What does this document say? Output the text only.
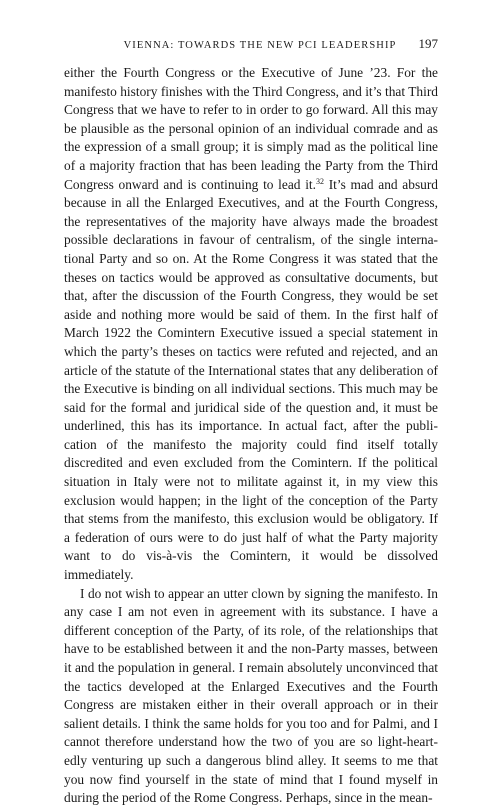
VIENNA: TOWARDS THE NEW PCI LEADERSHIP 197

either the Fourth Congress or the Executive of June ’23. For the manifesto history finishes with the Third Congress, and it’s that Third Congress that we have to refer to in order to go forward. All this may be plausible as the personal opinion of an individual comrade and as the expression of a small group; it is simply mad as the political line of a majority fraction that has been leading the Party from the Third Congress onward and is continuing to lead it.$^{32}$ It’s mad and absurd because in all the Enlarged Executives, and at the Fourth Congress, the representatives of the majority have always made the broadest possible declarations in favour of centralism, of the single international Party and so on. At the Rome Congress it was stated that the theses on tactics would be approved as consultative documents, but that, after the discussion of the Fourth Congress, they would be set aside and nothing more would be said of them. In the first half of March 1922 the Comintern Executive issued a special statement in which the party’s theses on tactics were refuted and rejected, and an article of the statute of the International states that any deliberation of the Executive is binding on all individual sections. This much may be said for the formal and juridical side of the question and, it must be underlined, this has its importance. In actual fact, after the publication of the manifesto the majority could find itself totally discredited and even excluded from the Comintern. If the political situation in Italy were not to militate against it, in my view this exclusion would happen; in the light of the conception of the Party that stems from the manifesto, this exclusion would be obligatory. If a federation of ours were to do just half of what the Party majority want to do vis-à-vis the Comintern, it would be dissolved immediately.

I do not wish to appear an utter clown by signing the manifesto. In any case I am not even in agreement with its substance. I have a different conception of the Party, of its role, of the relationships that have to be established between it and the non-Party masses, between it and the population in general. I remain absolutely unconvinced that the tactics developed at the Enlarged Executives and the Fourth Congress are mistaken either in their overall approach or in their salient details. I think the same holds for you too and for Palmi, and I cannot therefore understand how the two of you are so light-heartedly venturing up such a dangerous blind alley. It seems to me that you now find yourself in the state of mind that I found myself in during the period of the Rome Congress. Perhaps, since in the mean-
